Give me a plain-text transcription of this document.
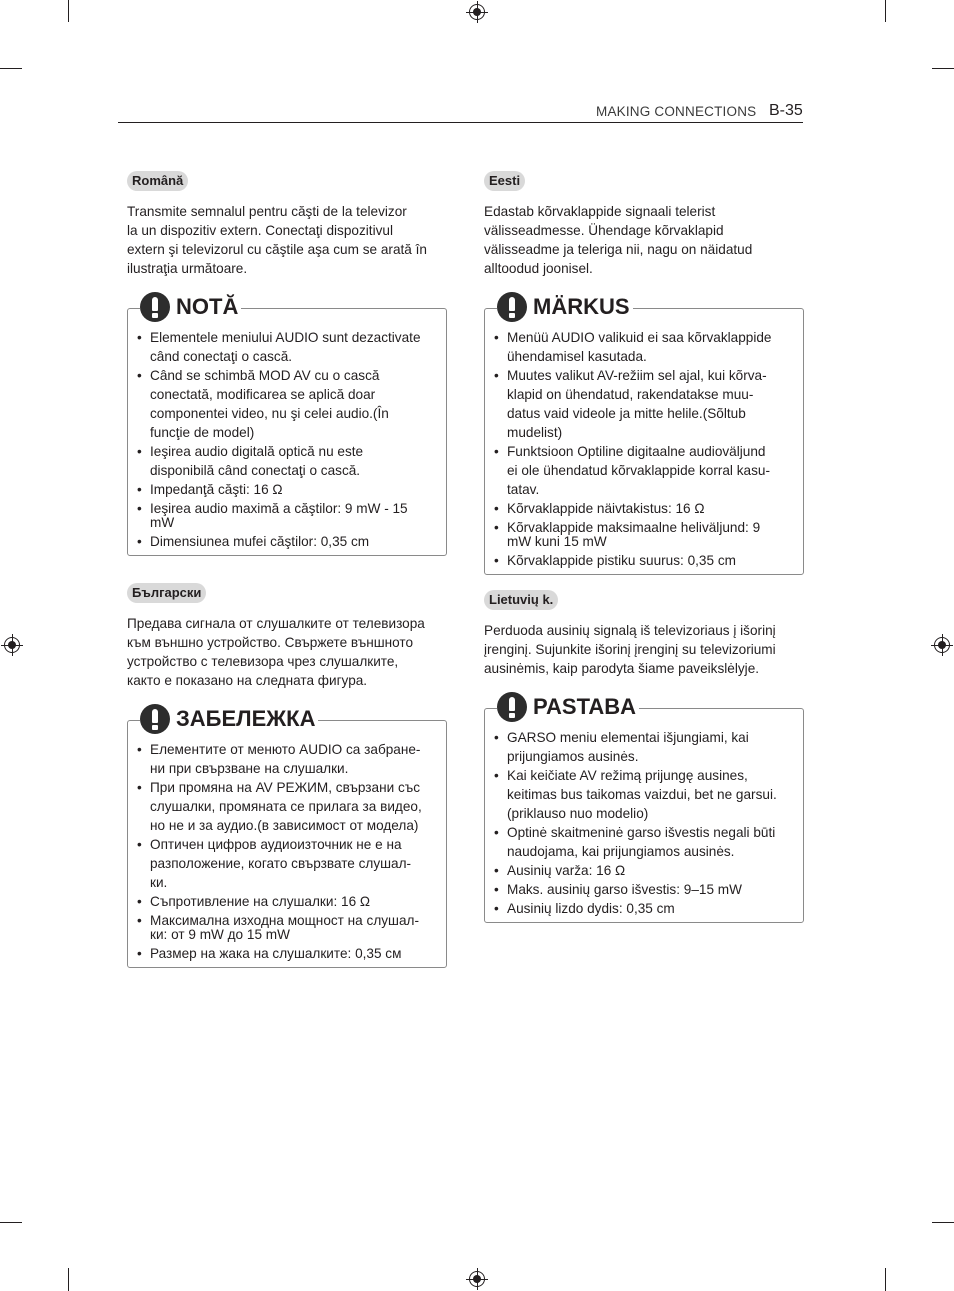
MAKING CONNECTIONS B-35
Română
Transmite semnalul pentru căşti de la televizor
la un dispozitiv extern. Conectaţi dispozitivul
extern şi televizorul cu căştile aşa cum se arată în
ilustraţia următoare.
NOTĂ
• Elementele meniului AUDIO sunt dezactivate
când conectaţi o cască.
• Când se schimbă MOD AV cu o cască
conectată, modificarea se aplică doar
componentei video, nu şi celei audio.(În
funcţie de model)
• Ieşirea audio digitală optică nu este
disponibilă când conectaţi o cască.
• Impedanţă căşti: 16 Ω
• Ieşirea audio maximă a căştilor: 9 mW - 15
mW
• Dimensiunea mufei căştilor: 0,35 cm
Български
Предава сигнала от слушалките от телевизора
към външно устройство. Свържете външното
устройство с телевизора чрез слушалките,
както е показано на следната фигура.
ЗАБЕЛЕЖКА
• Елементите от менюто AUDIO са забране-
ни при свързване на слушалки.
• При промяна на AV РЕЖИМ, свързани със
слушалки, промяната се прилага за видео,
но не и за аудио.(в зависимост от модела)
• Оптичен цифров аудиоизточник не е на
разположение, когато свързвате слушал-
ки.
• Съпротивление на слушалки: 16 Ω
• Максимална изходна мощност на слушал-
ки: от 9 mW до 15 mW
• Размер на жака на слушалките: 0,35 см
Eesti
Edastab kõrvaklappide signaali telerist
välisseadmesse. Ühendage kõrvaklapid
välisseadme ja teleriga nii, nagu on näidatud
alltoodud joonisel.
MÄRKUS
• Menüü AUDIO valikuid ei saa kõrvaklappide
ühendamisel kasutada.
• Muutes valikut AV-režiim sel ajal, kui kõrva-
klapid on ühendatud, rakendatakse muu-
datus vaid videole ja mitte helile.(Sõltub
mudelist)
• Funktsioon Optiline digitaalne audioväljund
ei ole ühendatud kõrvaklappide korral kasu-
tatav.
• Kõrvaklappide näivtakistus: 16 Ω
• Kõrvaklappide maksimaalne heliväljund: 9
mW kuni 15 mW
• Kõrvaklappide pistiku suurus: 0,35 cm
Lietuvių k.
Perduoda ausinių signalą iš televizoriaus į išorinį
įrenginį. Sujunkite išorinį įrenginį su televizoriumi
ausinėmis, kaip parodyta šiame paveikslėlyje.
PASTABA
• GARSO meniu elementai išjungiami, kai
prijungiamos ausinės.
• Kai keičiate AV režimą prijungę ausines,
keitimas bus taikomas vaizdui, bet ne garsui.
(priklauso nuo modelio)
• Optinė skaitmeninė garso išvestis negali būti
naudojama, kai prijungiamos ausinės.
• Ausinių varža: 16 Ω
• Maks. ausinių garso išvestis: 9–15 mW
• Ausinių lizdo dydis: 0,35 cm
